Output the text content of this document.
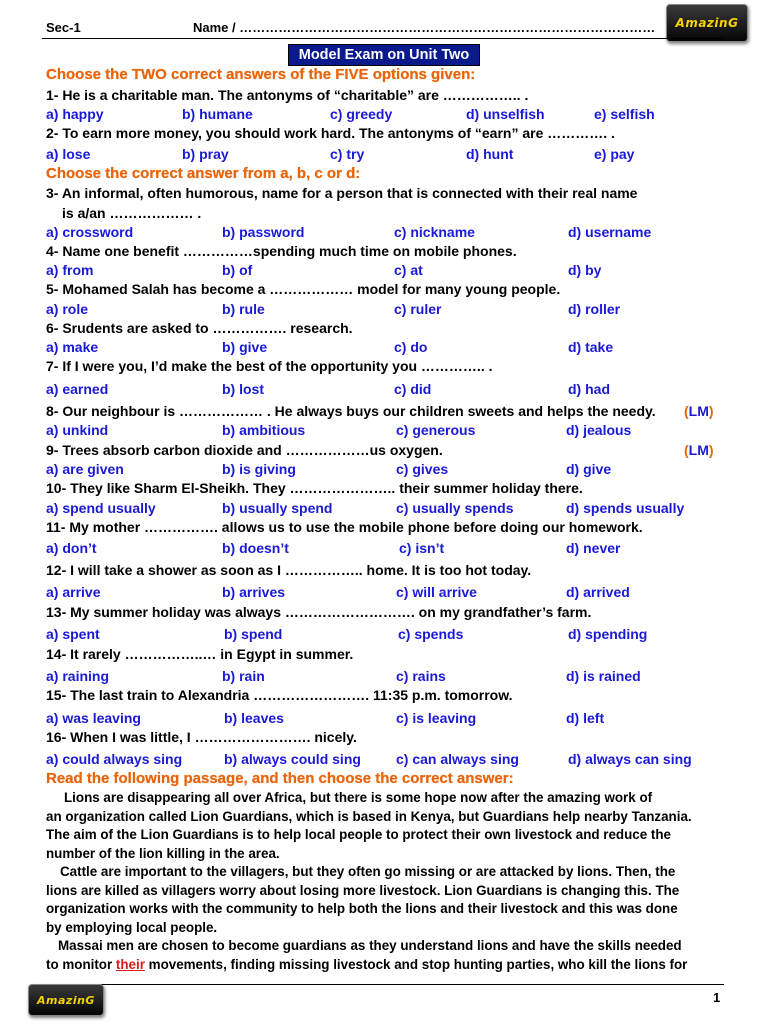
Sec-1	Name / ……………………………………………………………………………………	AmazinG
Model Exam on Unit Two
Choose the TWO correct answers of the FIVE options given:
1- He is a charitable man. The antonyms of “charitable” are …………….. .
a) happy	b) humane	c) greedy	d) unselfish	e) selfish
2- To earn more money, you should work hard. The antonyms of “earn” are …………. .
a) lose	b) pray	c) try	d) hunt	e) pay
Choose the correct answer from a, b, c or d:
3- An informal, often humorous, name for a person that is connected with their real name
is a/an ……………… .
a) crossword	b) password	c) nickname	d) username
4- Name one benefit ……………spending much time on mobile phones.
a) from	b) of	c) at	d) by
5- Mohamed Salah has become a ……………… model for many young people.
a) role	b) rule	c) ruler	d) roller
6- Srudents are asked to ……………. research.
a) make	b) give	c) do	d) take
7- If I were you, I’d make the best of the opportunity you ………….. .
a) earned	b) lost	c) did	d) had
8- Our neighbour is ……………… . He always buys our children sweets and helps the needy. (LM)
a) unkind	b) ambitious	c) generous	d) jealous
9- Trees absorb carbon dioxide and ………………us oxygen.	(LM)
a) are given	b) is giving	c) gives	d) give
10- They like Sharm El-Sheikh. They ………………….. their summer holiday there.
a) spend usually	b) usually spend	c) usually spends	d) spends usually
11- My mother ……………. allows us to use the mobile phone before doing our homework.
a) don’t	b) doesn’t	c) isn’t	d) never
12- I will take a shower as soon as I …………….. home. It is too hot today.
a) arrive	b) arrives	c) will arrive	d) arrived
13- My summer holiday was always ………………………. on my grandfather’s farm.
a) spent	b) spend	c) spends	d) spending
14- It rarely ……………..… in Egypt in summer.
a) raining	b) rain	c) rains	d) is rained
15- The last train to Alexandria ……………………. 11:35 p.m. tomorrow.
a) was leaving	b) leaves	c) is leaving	d) left
16- When I was little, I ……………………. nicely.
a) could always sing	b) always could sing	c) can always sing	d) always can sing
Read the following passage, and then choose the correct answer:
Lions are disappearing all over Africa, but there is some hope now after the amazing work of
an organization called Lion Guardians, which is based in Kenya, but Guardians help nearby Tanzania.
The aim of the Lion Guardians is to help local people to protect their own livestock and reduce the
number of the lion killing in the area.
Cattle are important to the villagers, but they often go missing or are attacked by lions. Then, the
lions are killed as villagers worry about losing more livestock. Lion Guardians is changing this. The
organization works with the community to help both the lions and their livestock and this was done
by employing local people.
Massai men are chosen to become guardians as they understand lions and have the skills needed
to monitor their movements, finding missing livestock and stop hunting parties, who kill the lions for
AmazinG	1
